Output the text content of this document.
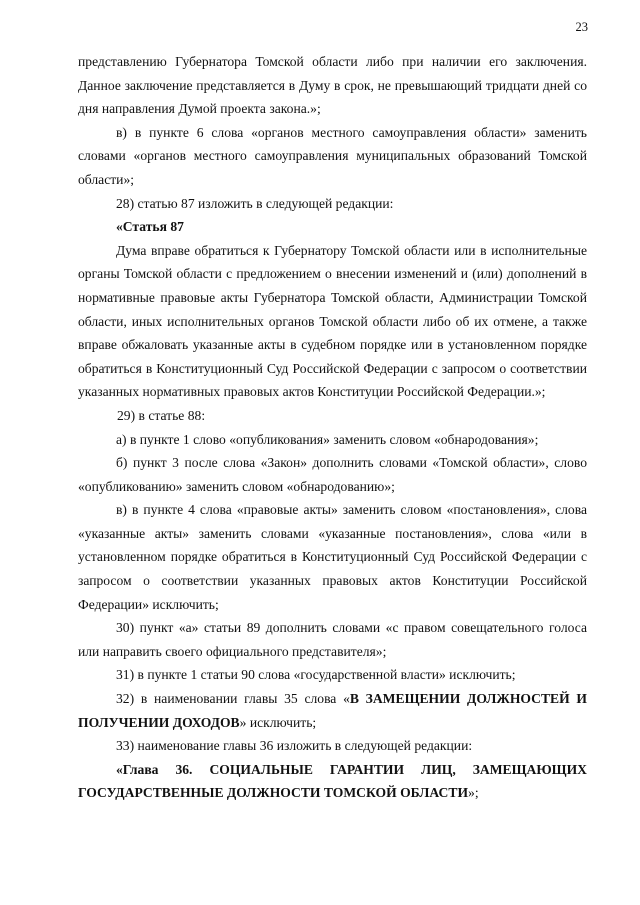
23

представлению Губернатора Томской области либо при наличии его заключения. Данное заключение представляется в Думу в срок, не превышающий тридцати дней со дня направления Думой проекта закона.»;

в) в пункте 6 слова «органов местного самоуправления области» заменить словами «органов местного самоуправления муниципальных образований Томской области»;

28) статью 87 изложить в следующей редакции:

«Статья 87

Дума вправе обратиться к Губернатору Томской области или в исполнительные органы Томской области с предложением о внесении изменений и (или) дополнений в нормативные правовые акты Губернатора Томской области, Администрации Томской области, иных исполнительных органов Томской области либо об их отмене, а также вправе обжаловать указанные акты в судебном порядке или в установленном порядке обратиться в Конституционный Суд Российской Федерации с запросом о соответствии указанных нормативных правовых актов Конституции Российской Федерации.»;

29) в статье 88:

а) в пункте 1 слово «опубликования» заменить словом «обнародования»;

б) пункт 3 после слова «Закон» дополнить словами «Томской области», слово «опубликованию» заменить словом «обнародованию»;

в) в пункте 4 слова «правовые акты» заменить словом «постановления», слова «указанные акты» заменить словами «указанные постановления», слова «или в установленном порядке обратиться в Конституционный Суд Российской Федерации с запросом о соответствии указанных правовых актов Конституции Российской Федерации» исключить;

30) пункт «а» статьи 89 дополнить словами «с правом совещательного голоса или направить своего официального представителя»;

31) в пункте 1 статьи 90 слова «государственной власти» исключить;

32) в наименовании главы 35 слова «В ЗАМЕЩЕНИИ ДОЛЖНОСТЕЙ И ПОЛУЧЕНИИ ДОХОДОВ» исключить;

33) наименование главы 36 изложить в следующей редакции:

«Глава 36. СОЦИАЛЬНЫЕ ГАРАНТИИ ЛИЦ, ЗАМЕЩАЮЩИХ ГОСУДАРСТВЕННЫЕ ДОЛЖНОСТИ ТОМСКОЙ ОБЛАСТИ»;
